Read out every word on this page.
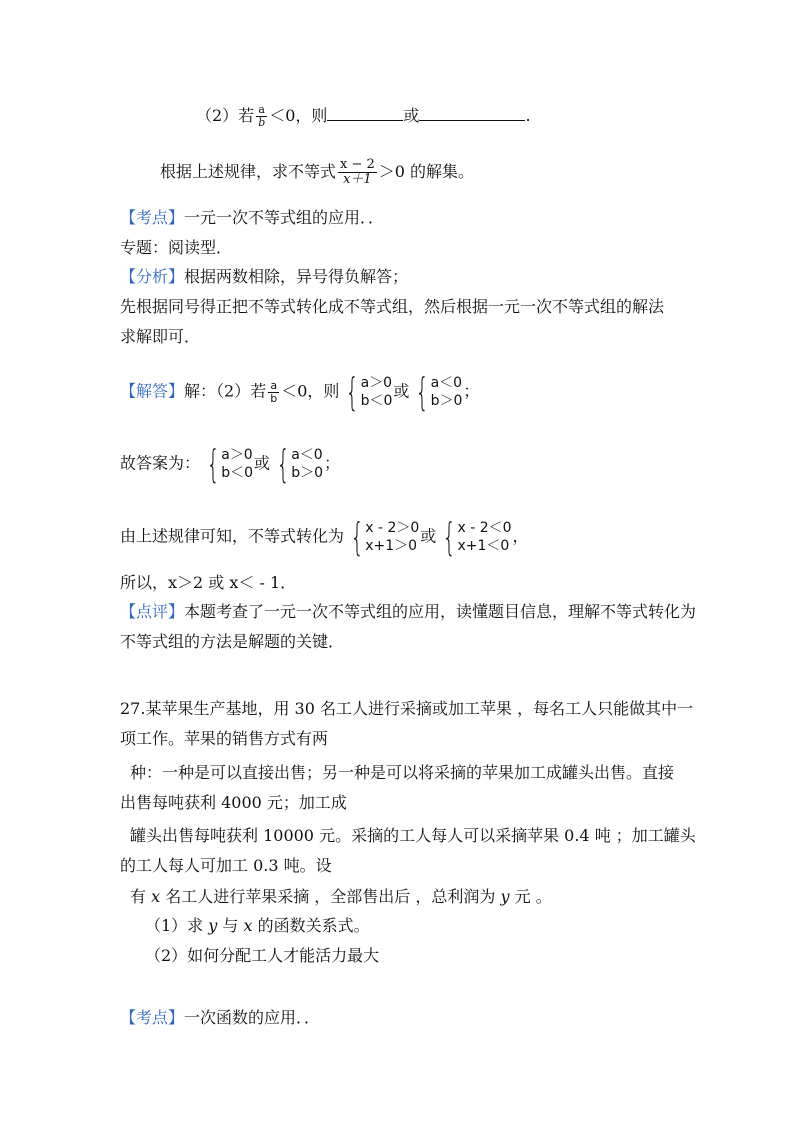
（2）若 $\frac{a}{b} <0$，则	或	.
根据上述规律，求不等式 $\frac{x - 2}{x+1} >0$ 的解集。
【考点】一元一次不等式组的应用．．
专题：阅读型．
【分析】根据两数相除，异号得负解答；
先根据同号得正把不等式转化成不等式组，然后根据一元一次不等式组的解法
求解即可．
【解答】解：（2）若 $\frac{a}{b} <0$，则 { a＞0
b＜0
或 { a＜0
b＞0
；
故答案为： { a＞0
b＜0
或 { a＜0
b＞0
；
由上述规律可知，不等式转化为 { x - 2＞0
x+1＞0
或 { x - 2＜0
x+1＜0
，
所以，x＞2 或 x＜ - 1．
【点评】本题考查了一元一次不等式组的应用，读懂题目信息，理解不等式转化为
不等式组的方法是解题的关键．
27.某苹果生产基地，用 30 名工人进行采摘或加工苹果 ，每名工人只能做其中一
项工作。苹果的销售方式有两
种：一种是可以直接出售；另一种是可以将采摘的苹果加工成罐头出售。直接
出售每吨获利 4000 元；加工成
罐头出售每吨获利 10000 元。采摘的工人每人可以采摘苹果 0.4 吨 ；加工罐头
的工人每人可加工 0.3 吨。设
有 x 名工人进行苹果采摘 ，全部售出后 ，总利润为 y 元 。
（1）求 y 与 x 的函数关系式。
（2）如何分配工人才能活力最大
【考点】一次函数的应用．．
